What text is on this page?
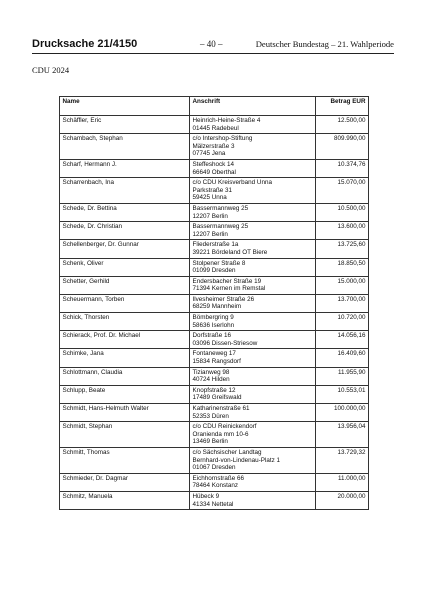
Drucksache 21/4150	– 40 –	Deutscher Bundestag – 21. Wahlperiode
CDU 2024
Name	Anschrift	Betrag EUR
Schäffler, Eric	Heinrich-Heine-Straße 4
01445 Radebeul	12.500,00
Schambach, Stephan	c/o Intershop-Stiftung
Mälzerstraße 3
07745 Jena	809.990,00
Scharf, Hermann J.	Steffeshock 14
66649 Oberthal	10.374,76
Scharrenbach, Ina	c/o CDU Kreisverband Unna
Parkstraße 31
59425 Unna	15.070,00
Schede, Dr. Bettina	Bassermannweg 25
12207 Berlin	10.500,00
Schede, Dr. Christian	Bassermannweg 25
12207 Berlin	13.600,00
Schellenberger, Dr. Gunnar	Fliederstraße 1a
39221 Bördeland OT Biere	13.725,60
Schenk, Oliver	Stolpener Straße 8
01099 Dresden	18.850,50
Schetter, Gerhild	Endersbacher Straße 19
71394 Kernen im Remstal	15.000,00
Scheuermann, Torben	Ilvesheimer Straße 26
68259 Mannheim	13.700,00
Schick, Thorsten	Bömbergring 9
58636 Iserlohn	10.720,00
Schierack, Prof. Dr. Michael	Dorfstraße 16
03096 Dissen-Striesow	14.056,16
Schimke, Jana	Fontaneweg 17
15834 Rangsdorf	16.409,60
Schlottmann, Claudia	Tizianweg 98
40724 Hilden	11.955,90
Schlupp, Beate	Knopfstraße 12
17489 Greifswald	10.553,01
Schmidt, Hans-Helmuth Walter	Katharinenstraße 61
52353 Düren	100.000,00
Schmidt, Stephan	c/o CDU Reinickendorf
Oranienda mm 10-6
13469 Berlin	13.956,04
Schmitt, Thomas	c/o Sächsischer Landtag
Bernhard-von-Lindenau-Platz 1
01067 Dresden	13.729,32
Schmieder, Dr. Dagmar	Eichhornstraße 66
78464 Konstanz	11.000,00
Schmitz, Manuela	Hübeck 9
41334 Nettetal	20.000,00
